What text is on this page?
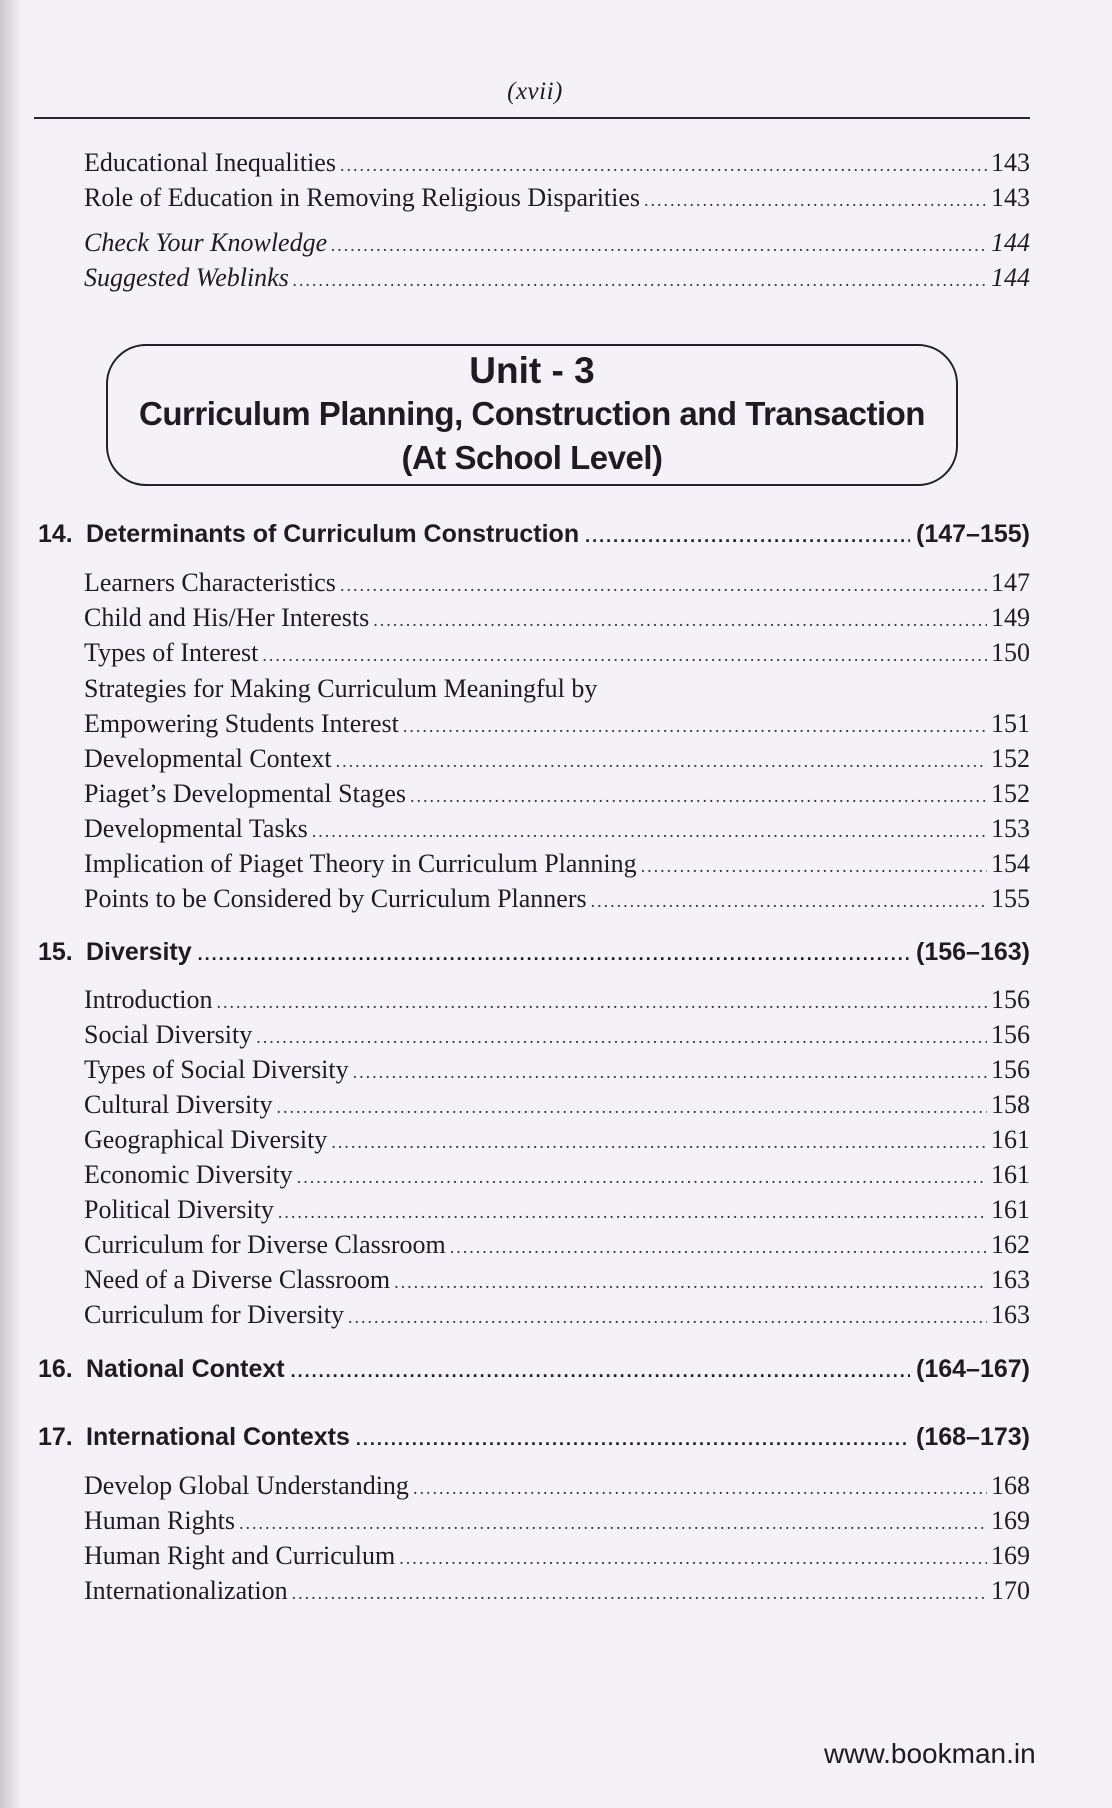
(xvii)
Educational Inequalities .....	143
Role of Education in Removing Religious Disparities .....	143
Check Your Knowledge .....	144
Suggested Weblinks .....	144
Unit - 3
Curriculum Planning, Construction and Transaction
(At School Level)
14. Determinants of Curriculum Construction .....	(147–155)
Learners Characteristics .....	147
Child and His/Her Interests .....	149
Types of Interest .....	150
Strategies for Making Curriculum Meaningful by
Empowering Students Interest .....	151
Developmental Context .....	152
Piaget’s Developmental Stages .....	152
Developmental Tasks .....	153
Implication of Piaget Theory in Curriculum Planning .....	154
Points to be Considered by Curriculum Planners .....	155
15. Diversity .....	(156–163)
Introduction .....	156
Social Diversity .....	156
Types of Social Diversity .....	156
Cultural Diversity .....	158
Geographical Diversity .....	161
Economic Diversity .....	161
Political Diversity .....	161
Curriculum for Diverse Classroom .....	162
Need of a Diverse Classroom .....	163
Curriculum for Diversity .....	163
16. National Context .....	(164–167)
17. International Contexts .....	(168–173)
Develop Global Understanding .....	168
Human Rights .....	169
Human Right and Curriculum .....	169
Internationalization .....	170
www.bookman.in
